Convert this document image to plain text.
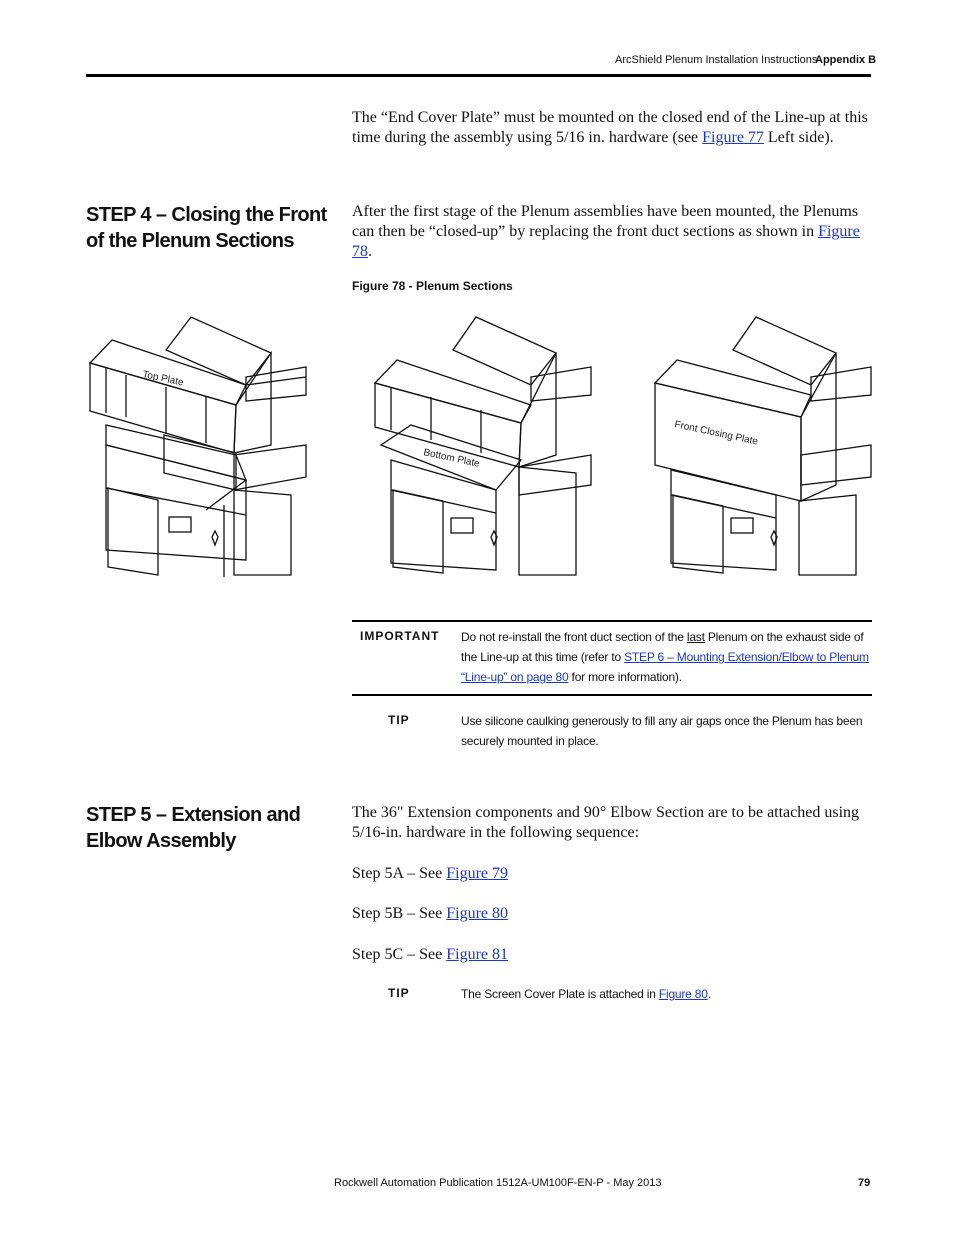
ArcShield Plenum Installation Instructions
Appendix B
The “End Cover Plate” must be mounted on the closed end of the Line-up at this time during the assembly using 5/16 in. hardware (see Figure 77 Left side).
STEP 4 – Closing the Front of the Plenum Sections
After the first stage of the Plenum assemblies have been mounted, the Plenums can then be “closed-up” by replacing the front duct sections as shown in Figure 78.
Figure 78 - Plenum Sections
Top Plate
Bottom Plate
Front Closing Plate
IMPORTANT Do not re-install the front duct section of the last Plenum on the exhaust side of the Line-up at this time (refer to STEP 6 – Mounting Extension/Elbow to Plenum “Line-up” on page 80 for more information).
TIP	Use silicone caulking generously to fill any air gaps once the Plenum has been securely mounted in place.
STEP 5 – Extension and Elbow Assembly
The 36" Extension components and 90° Elbow Section are to be attached using 5/16-in. hardware in the following sequence:
Step 5A – See Figure 79
Step 5B – See Figure 80
Step 5C – See Figure 81
TIP	The Screen Cover Plate is attached in Figure 80.
Rockwell Automation Publication 1512A-UM100F-EN-P - May 2013	79
